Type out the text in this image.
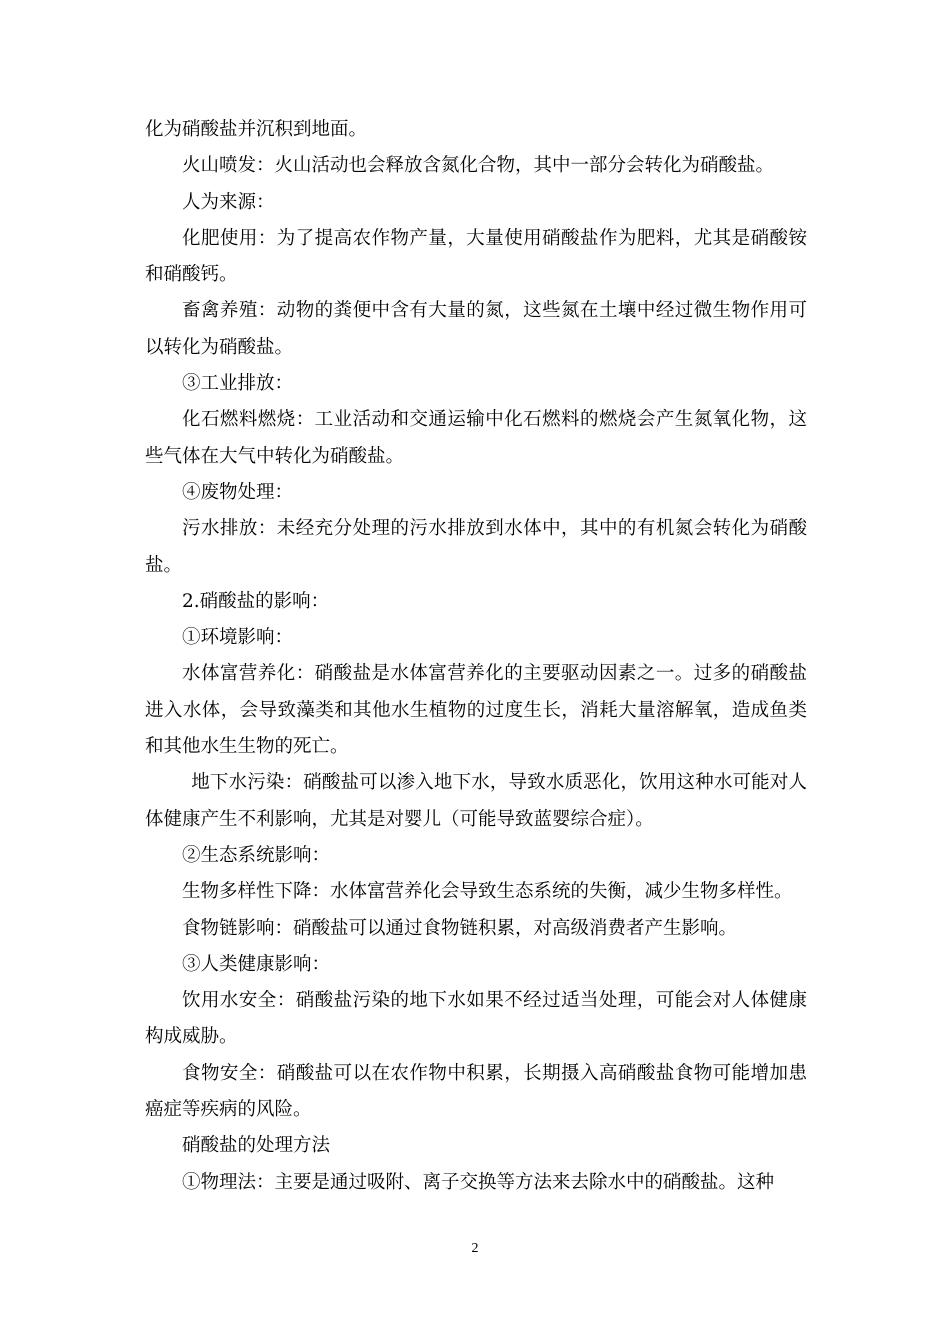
化为硝酸盐并沉积到地面。

火山喷发：火山活动也会释放含氮化合物，其中一部分会转化为硝酸盐。

人为来源：

化肥使用：为了提高农作物产量，大量使用硝酸盐作为肥料，尤其是硝酸铵和硝酸钙。

畜禽养殖：动物的粪便中含有大量的氮，这些氮在土壤中经过微生物作用可以转化为硝酸盐。

③工业排放：

化石燃料燃烧：工业活动和交通运输中化石燃料的燃烧会产生氮氧化物，这些气体在大气中转化为硝酸盐。

④废物处理：

污水排放：未经充分处理的污水排放到水体中，其中的有机氮会转化为硝酸盐。

2.硝酸盐的影响：

①环境影响：

水体富营养化：硝酸盐是水体富营养化的主要驱动因素之一。过多的硝酸盐进入水体，会导致藻类和其他水生植物的过度生长，消耗大量溶解氧，造成鱼类和其他水生生物的死亡。

地下水污染：硝酸盐可以渗入地下水，导致水质恶化，饮用这种水可能对人体健康产生不利影响，尤其是对婴儿（可能导致蓝婴综合症）。

②生态系统影响：

生物多样性下降：水体富营养化会导致生态系统的失衡，减少生物多样性。

食物链影响：硝酸盐可以通过食物链积累，对高级消费者产生影响。

③人类健康影响：

饮用水安全：硝酸盐污染的地下水如果不经过适当处理，可能会对人体健康构成威胁。

食物安全：硝酸盐可以在农作物中积累，长期摄入高硝酸盐食物可能增加患癌症等疾病的风险。

硝酸盐的处理方法

①物理法：主要是通过吸附、离子交换等方法来去除水中的硝酸盐。这种

2
